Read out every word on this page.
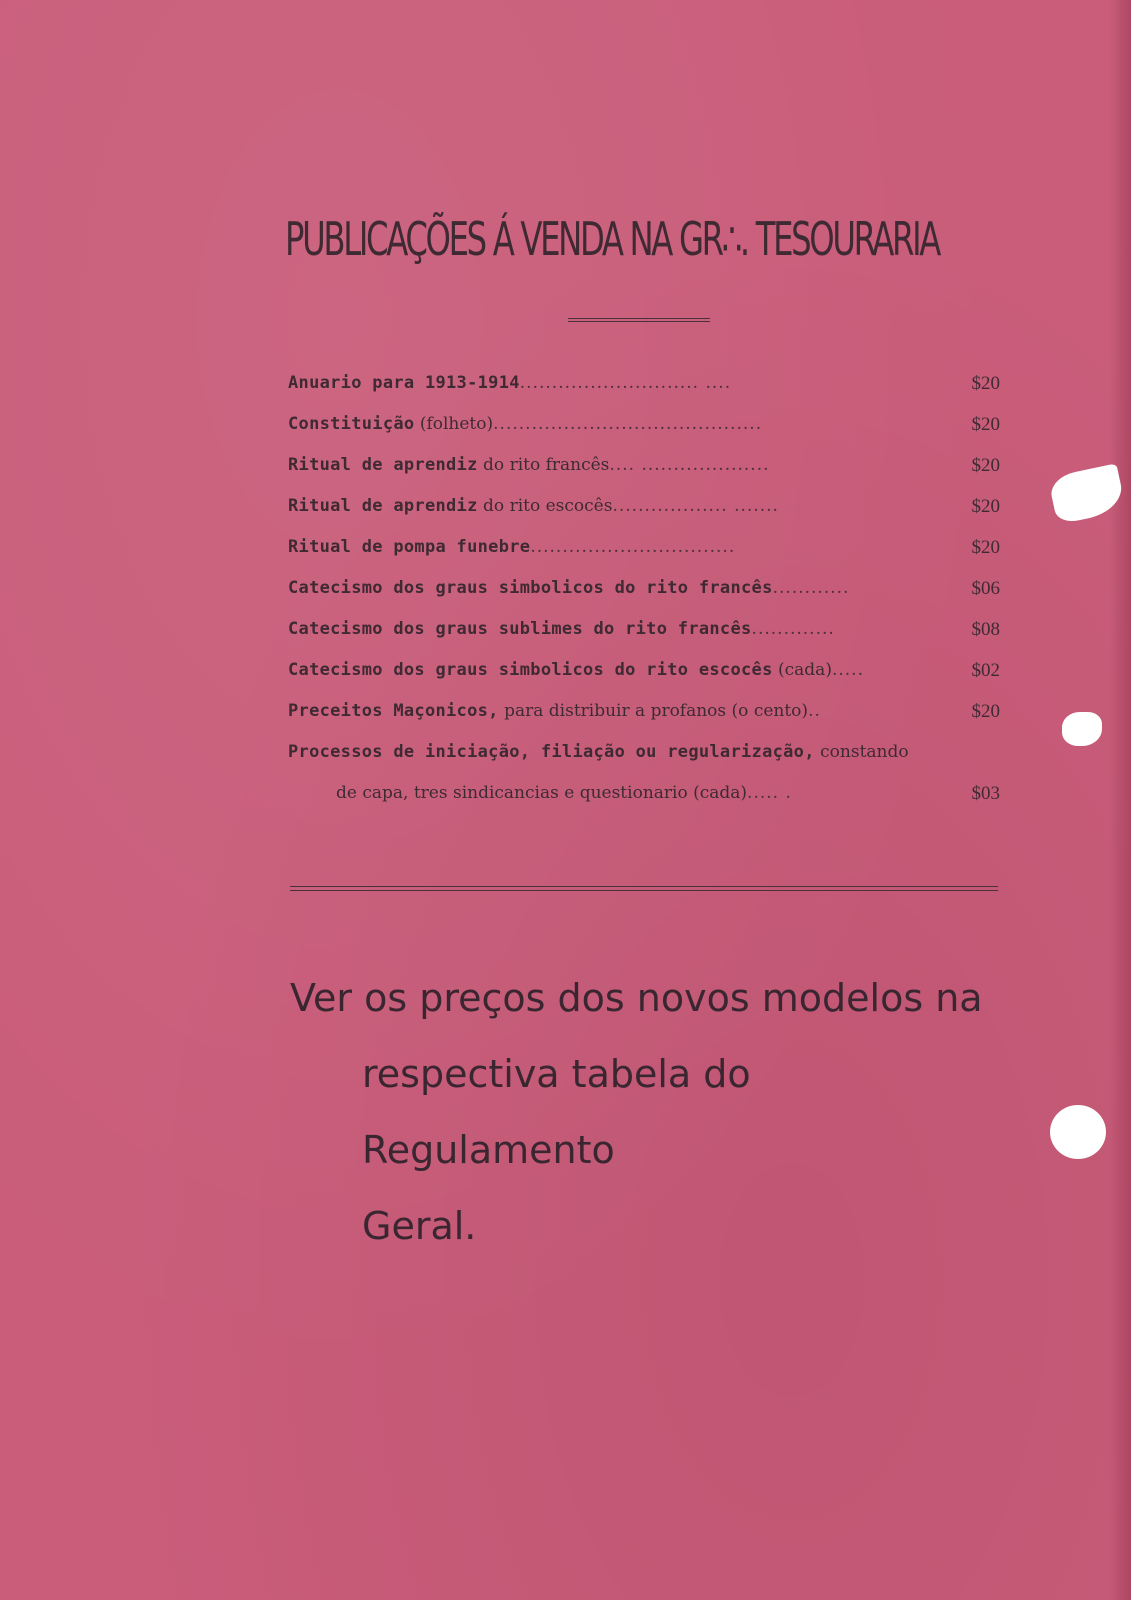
PUBLICAÇÕES Á VENDA NA GR∴. TESOURARIA
Anuario para 1913-1914............................ ....	$20
Constituição (folheto)..........................................	$20
Ritual de aprendiz do rito francês.... ....................	$20
Ritual de aprendiz do rito escocês.................. .......	$20
Ritual de pompa funebre................................	$20
Catecismo dos graus simbolicos do rito francês............	$06
Catecismo dos graus sublimes do rito francês.............	$08
Catecismo dos graus simbolicos do rito escocês (cada).....	$02
Preceitos Maçonicos, para distribuir a profanos (o cento)..	$20
Processos de iniciação, filiação ou regularização, constando
de capa, tres sindicancias e questionario (cada)..... .	$03
Ver os preços dos novos modelos na
respectiva tabela do Regulamento
Geral.
